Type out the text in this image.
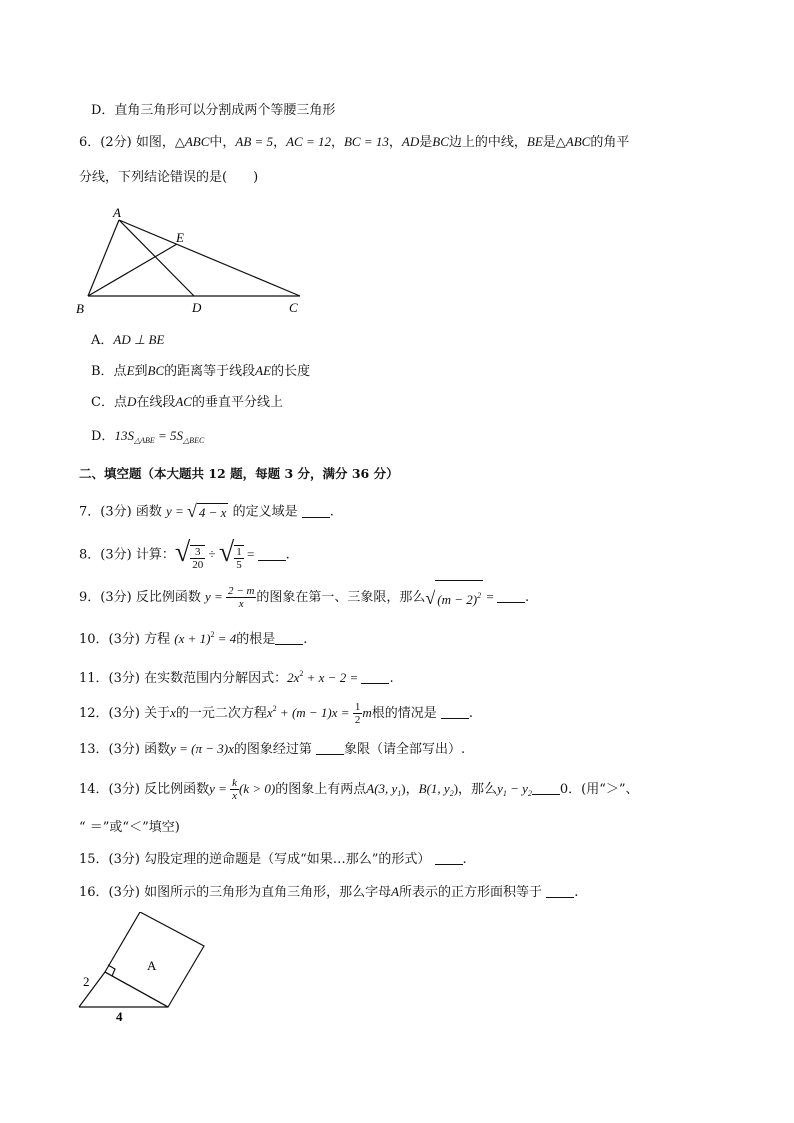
D．直角三角形可以分割成两个等腰三角形
6．(2分) 如图，△ABC中，AB = 5，AC = 12，BC = 13，AD是BC边上的中线，BE是△ABC的角平
分线，下列结论错误的是(　　)
A
E
B	D	C
A．AD ⊥ BE
B．点E到BC的距离等于线段AE的长度
C．点D在线段AC的垂直平分线上
D．$13S_{\triangle ABE} = 5S_{\triangle BEC}$
二、填空题（本大题共 12 题，每题 3 分，满分 36 分）
7．(3分) 函数 y = √ 4 − x 的定义域是 .
8．(3分) 计算：√ $\frac{3}{20}$ ÷ √ $\frac{1}{5}$ = .
9．(3分) 反比例函数 $y = \frac{2 - m}{x}$ 的图象在第一、三象限，那么√ $(m - 2)^2$ = .
10．(3分) 方程 $(x + 1)^2 = 4$的根是 .
11．(3分) 在实数范围内分解因式：$2x^2 + x - 2$ = .
12．(3分) 关于x的一元二次方程$x^2 + (m - 1)x = \frac{1}{2}$ m根的情况是 .
13．(3分) 函数y = (π − 3)x的图象经过第 象限（请全部写出）.
14．(3分) 反比例函数$y = \frac{k}{x} (k > 0)$的图象上有两点A(3, $y_1$)，B(1, $y_2$)，那么$y_1 - y_2$ 0．(用“＞”、
“ ＝”或“＜”填空)
15．(3分) 勾股定理的逆命题是（写成“如果…那么”的形式） .
16．(3分) 如图所示的三角形为直角三角形，那么字母A所表示的正方形面积等于 .
A
2
4
